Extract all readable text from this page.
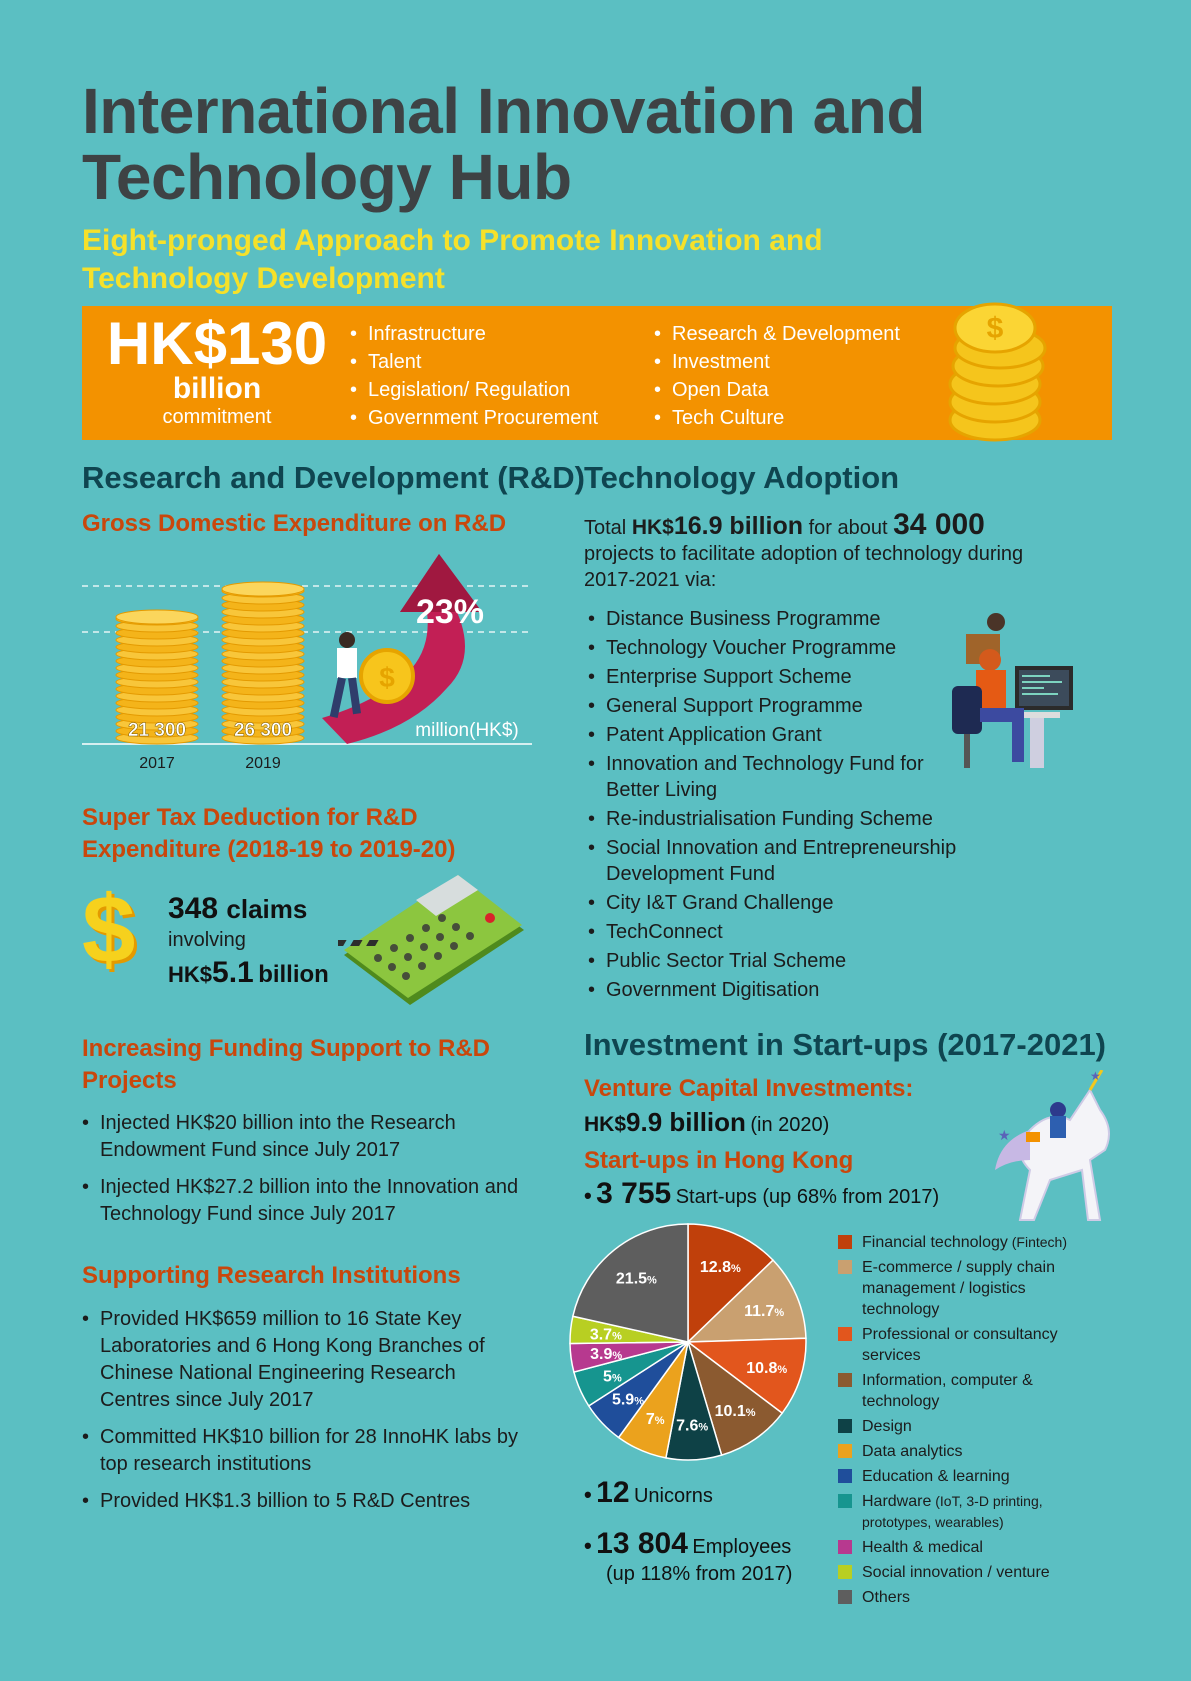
International Innovation and Technology Hub
Eight-pronged Approach to Promote Innovation and Technology Development
HK$130
billion
commitment
• Infrastructure
• Talent
• Legislation/ Regulation
• Government Procurement
• Research & Development
• Investment
• Open Data
• Tech Culture
$
Research and Development (R&D)
Gross Domestic Expenditure on R&D
23%
$
million(HK$)
21 300
2017
26 300
2019
Super Tax Deduction for R&D Expenditure (2018-19 to 2019-20)
$ 348 claims
involving
HK$5.1 billion
Increasing Funding Support to R&D Projects
• Injected HK$20 billion into the Research Endowment Fund since July 2017
• Injected HK$27.2 billion into the Innovation and Technology Fund since July 2017
Supporting Research Institutions
• Provided HK$659 million to 16 State Key Laboratories and 6 Hong Kong Branches of Chinese National Engineering Research Centres since July 2017
• Committed HK$10 billion for 28 InnoHK labs by top research institutions
• Provided HK$1.3 billion to 5 R&D Centres
Technology Adoption
Total HK$16.9 billion for about 34 000
projects to facilitate adoption of technology during 2017-2021 via:
• Distance Business Programme
• Technology Voucher Programme
• Enterprise Support Scheme
• General Support Programme
• Patent Application Grant
• Innovation and Technology Fund for Better Living
• Re-industrialisation Funding Scheme
• Social Innovation and Entrepreneurship Development Fund
• City I&T Grand Challenge
• TechConnect
• Public Sector Trial Scheme
• Government Digitisation
Investment in Start-ups (2017-2021)
Venture Capital Investments:
HK$9.9 billion (in 2020)
Start-ups in Hong Kong
• 3 755 Start-ups (up 68% from 2017)
★
★
12.8%
11.7%
10.8%
10.1%
7.6%
7%
5.9%
5%
3.9%
3.7%
21.5%
Financial technology (Fintech)
E-commerce / supply chain management / logistics technology
Professional or consultancy services
Information, computer & technology
Design
Data analytics
Education & learning
Hardware (IoT, 3-D printing, prototypes, wearables)
Health & medical
Social innovation / venture
Others
• 12 Unicorns
• 13 804 Employees
(up 118% from 2017)
